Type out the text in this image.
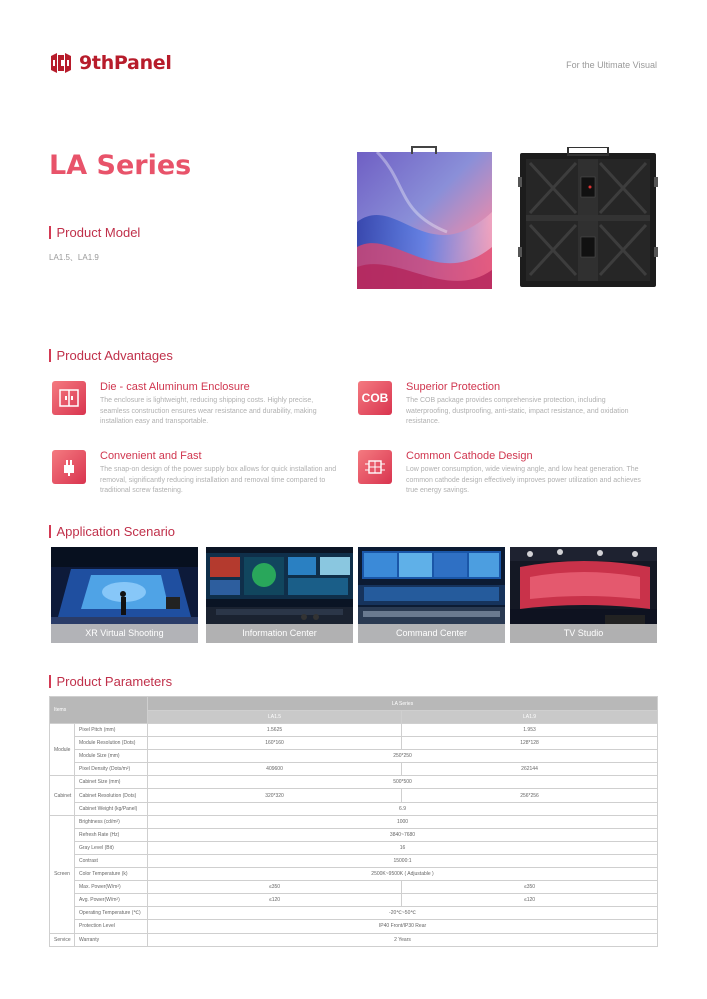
9thPanel	For the Ultimate Visual
LA Series
Product Model
LA1.5、LA1.9
Product Advantages
Die - cast Aluminum Enclosure
The enclosure is lightweight, reducing shipping costs. Highly precise, seamless construction ensures wear resistance and durability, making installation easy and transportable.
COB
Superior Protection
The COB package provides comprehensive protection, including waterproofing, dustproofing, anti-static, impact resistance, and oxidation resistance.
Convenient and Fast
The snap-on design of the power supply box allows for quick installation and removal, significantly reducing installation and removal time compared to traditional screw fastening.
Common Cathode Design
Low power consumption, wide viewing angle, and low heat generation. The common cathode design effectively improves power utilization and achieves true energy savings.
Application Scenario
XR Virtual Shooting	Information Center	Command Center	TV Studio
Product Parameters
Items		LA Series	
		LA1.5	LA1.9
Module	Pixel Pitch (mm)	1.5625	1.953
	Module Resolution (Dots)	160*160	128*128
	Module Size (mm)	250*250	
	Pixel Density (Dots/m²)	409600	262144
Cabinet	Cabinet Size (mm)	500*500	
	Cabinet Resolution (Dots)	320*320	256*256
	Cabinet Weight (kg/Panel)	6.9	
Screen	Brightness (cd/m²)	1000	
	Refresh Rate (Hz)	3840~7680	
	Gray Level (Bit)	16	
	Contrast	15000:1	
	Color Temperature (k)	2500K~9500K ( Adjustable )	
	Max. Power(W/m²)	≤350	≤350
	Avg. Power(W/m²)	≤120	≤120
	Operating Temperature (℃)	-20℃~50℃	
	Protection Level	IP40 Front/IP30 Rear	
Service	Warranty	2 Years	
